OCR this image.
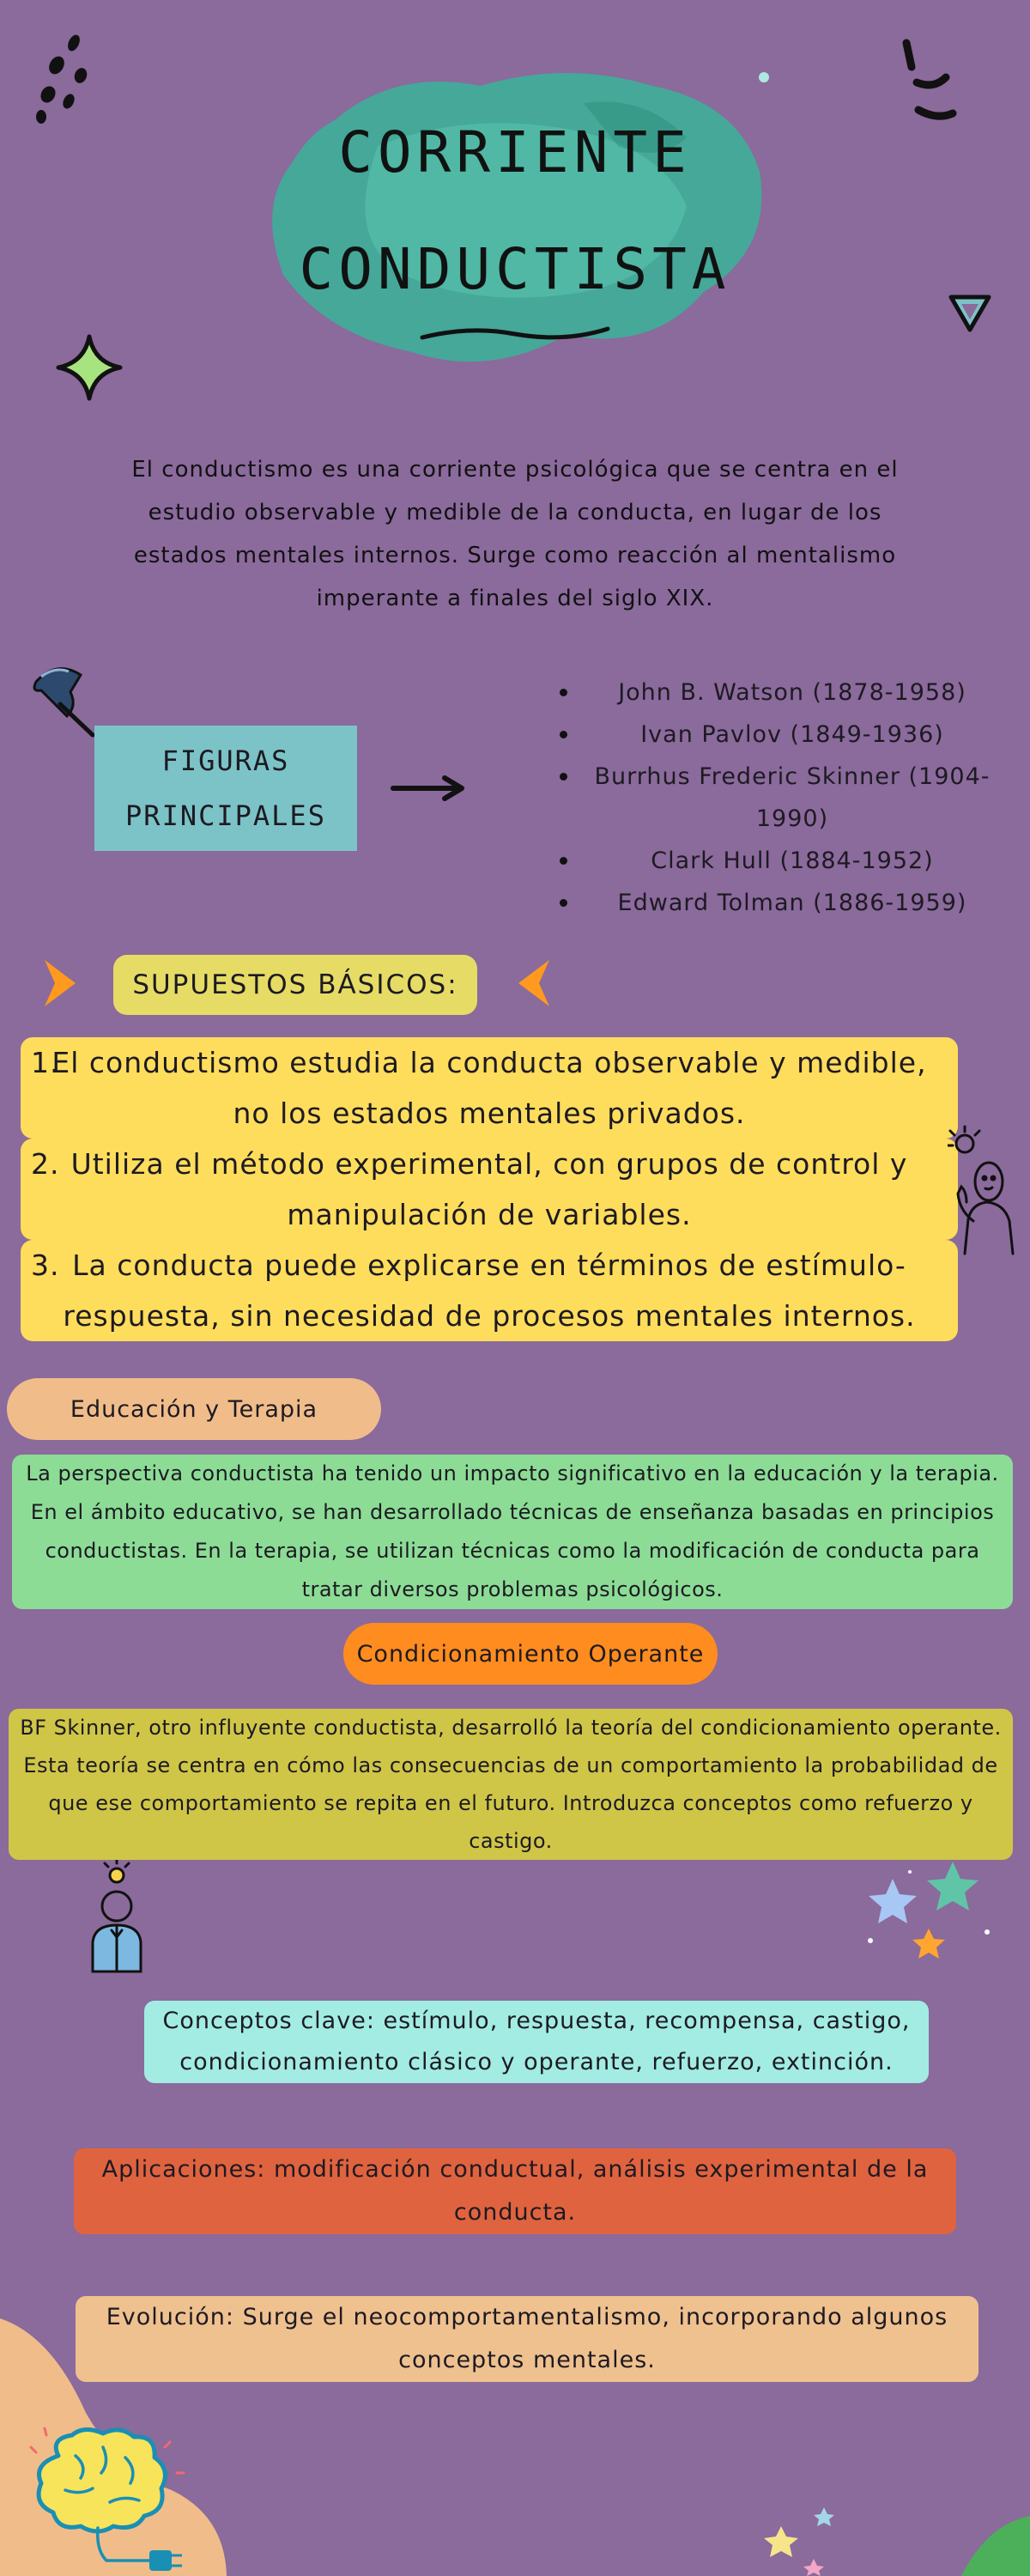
CORRIENTE
CONDUCTISTA
El conductismo es una corriente psicológica que se centra en el estudio observable y medible de la conducta, en lugar de los estados mentales internos. Surge como reacción al mentalismo imperante a finales del siglo XIX.
FIGURAS PRINCIPALES
John B. Watson (1878-1958)
Ivan Pavlov (1849-1936)
Burrhus Frederic Skinner (1904-1990)
Clark Hull (1884-1952)
Edward Tolman (1886-1959)
SUPUESTOS BÁSICOS:
1.
El conductismo estudia la conducta observable y medible, no los estados mentales privados.
2. Utiliza el método experimental, con grupos de control y manipulación de variables.
3. La conducta puede explicarse en términos de estímulo-respuesta, sin necesidad de procesos mentales internos.
Educación y Terapia
La perspectiva conductista ha tenido un impacto significativo en la educación y la terapia. En el ámbito educativo, se han desarrollado técnicas de enseñanza basadas en principios conductistas. En la terapia, se utilizan técnicas como la modificación de conducta para tratar diversos problemas psicológicos.
Condicionamiento Operante
BF Skinner, otro influyente conductista, desarrolló la teoría del condicionamiento operante. Esta teoría se centra en cómo las consecuencias de un comportamiento la probabilidad de que ese comportamiento se repita en el futuro. Introduzca conceptos como refuerzo y castigo.
Conceptos clave: estímulo, respuesta, recompensa, castigo, condicionamiento clásico y operante, refuerzo, extinción.
Aplicaciones: modificación conductual, análisis experimental de la conducta.
Evolución: Surge el neocomportamentalismo, incorporando algunos conceptos mentales.
